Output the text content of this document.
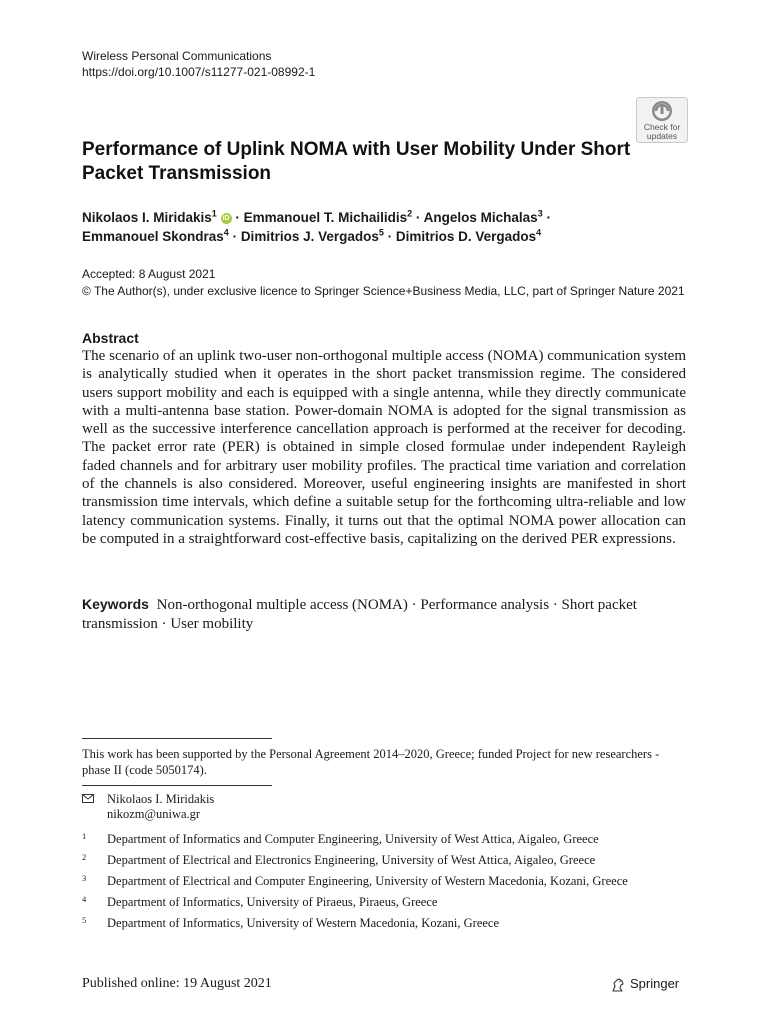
Wireless Personal Communications
https://doi.org/10.1007/s11277-021-08992-1
Check for
updates
Performance of Uplink NOMA with User Mobility Under Short Packet Transmission
Nikolaos I. Miridakis$^1$ iD · Emmanouel T. Michailidis$^2$ · Angelos Michalas$^3$ ·
Emmanouel Skondras$^4$ · Dimitrios J. Vergados$^5$ · Dimitrios D. Vergados$^4$
Accepted: 8 August 2021
© The Author(s), under exclusive licence to Springer Science+Business Media, LLC, part of Springer Nature 2021
Abstract

The scenario of an uplink two-user non-orthogonal multiple access (NOMA) communication system is analytically studied when it operates in the short packet transmission regime. The considered users support mobility and each is equipped with a single antenna, while they directly communicate with a multi-antenna base station. Power-domain NOMA is adopted for the signal transmission as well as the successive interference cancellation approach is performed at the receiver for decoding. The packet error rate (PER) is obtained in simple closed formulae under independent Rayleigh faded channels and for arbitrary user mobility profiles. The practical time variation and correlation of the channels is also considered. Moreover, useful engineering insights are manifested in short transmission time intervals, which define a suitable setup for the forthcoming ultra-reliable and low latency communication systems. Finally, it turns out that the optimal NOMA power allocation can be computed in a straightforward cost-effective basis, capitalizing on the derived PER expressions.

Keywords Non-orthogonal multiple access (NOMA) · Performance analysis · Short packet transmission · User mobility
This work has been supported by the Personal Agreement 2014–2020, Greece; funded Project for new researchers - phase II (code 5050174).
Nikolaos I. Miridakis
nikozm@uniwa.gr
1 Department of Informatics and Computer Engineering, University of West Attica, Aigaleo, Greece
2 Department of Electrical and Electronics Engineering, University of West Attica, Aigaleo, Greece
3 Department of Electrical and Computer Engineering, University of Western Macedonia, Kozani, Greece
4 Department of Informatics, University of Piraeus, Piraeus, Greece
5 Department of Informatics, University of Western Macedonia, Kozani, Greece
Published online: 19 August 2021	Springer
